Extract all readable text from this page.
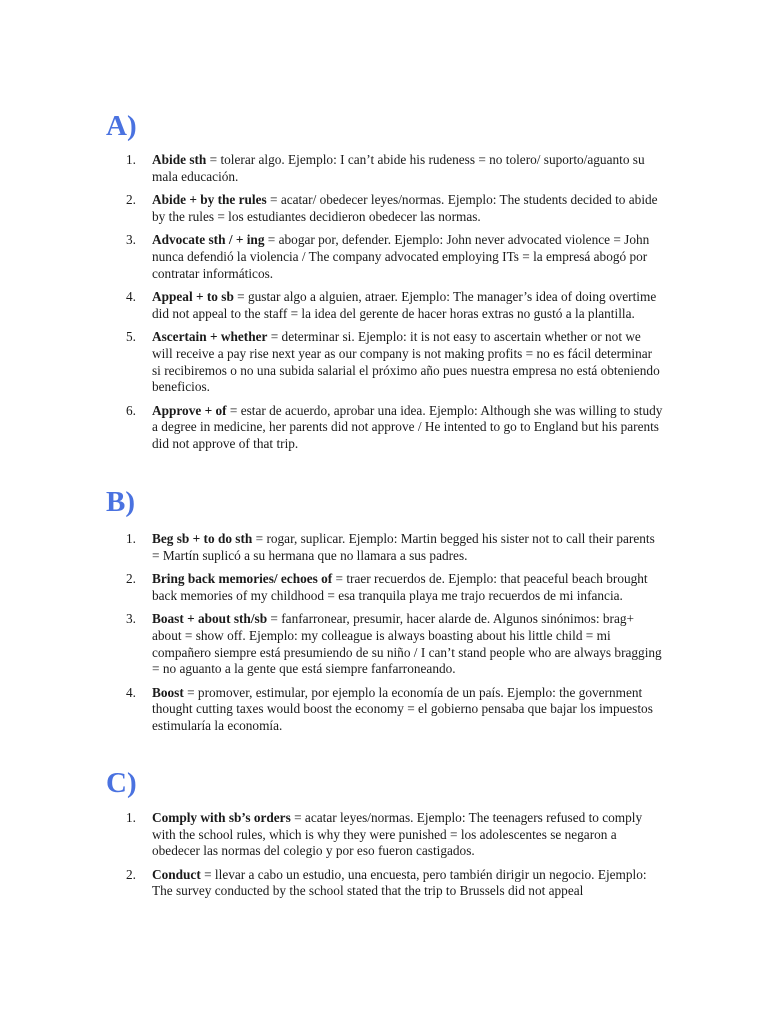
A)
1.	Abide sth = tolerar algo. Ejemplo: I can’t abide his rudeness = no tolero/ suporto/aguanto su mala educación.
2.	Abide + by the rules = acatar/ obedecer leyes/normas. Ejemplo: The students decided to abide by the rules = los estudiantes decidieron obedecer las normas.
3.	Advocate sth / + ing = abogar por, defender. Ejemplo: John never advocated violence = John nunca defendió la violencia / The company advocated employing ITs = la empresá abogó por contratar informáticos.
4.	Appeal + to sb = gustar algo a alguien, atraer. Ejemplo: The manager’s idea of doing overtime did not appeal to the staff = la idea del gerente de hacer horas extras no gustó a la plantilla.
5.	Ascertain + whether = determinar si. Ejemplo: it is not easy to ascertain whether or not we will receive a pay rise next year as our company is not making profits = no es fácil determinar si recibiremos o no una subida salarial el próximo año pues nuestra empresa no está obteniendo beneficios.
6.	Approve + of = estar de acuerdo, aprobar una idea. Ejemplo: Although she was willing to study a degree in medicine, her parents did not approve / He intented to go to England but his parents did not approve of that trip.
B)
1.	Beg sb + to do sth = rogar, suplicar. Ejemplo: Martin begged his sister not to call their parents = Martín suplicó a su hermana que no llamara a sus padres.
2.	Bring back memories/ echoes of = traer recuerdos de. Ejemplo: that peaceful beach brought back memories of my childhood = esa tranquila playa me trajo recuerdos de mi infancia.
3.	Boast + about sth/sb = fanfarronear, presumir, hacer alarde de. Algunos sinónimos: brag+ about = show off. Ejemplo: my colleague is always boasting about his little child = mi compañero siempre está presumiendo de su niño / I can’t stand people who are always bragging = no aguanto a la gente que está siempre fanfarroneando.
4.	Boost = promover, estimular, por ejemplo la economía de un país. Ejemplo: the government thought cutting taxes would boost the economy = el gobierno pensaba que bajar los impuestos estimularía la economía.
C)
1.	Comply with sb’s orders = acatar leyes/normas. Ejemplo: The teenagers refused to comply with the school rules, which is why they were punished = los adolescentes se negaron a obedecer las normas del colegio y por eso fueron castigados.
2.	Conduct = llevar a cabo un estudio, una encuesta, pero también dirigir un negocio. Ejemplo: The survey conducted by the school stated that the trip to Brussels did not appeal
